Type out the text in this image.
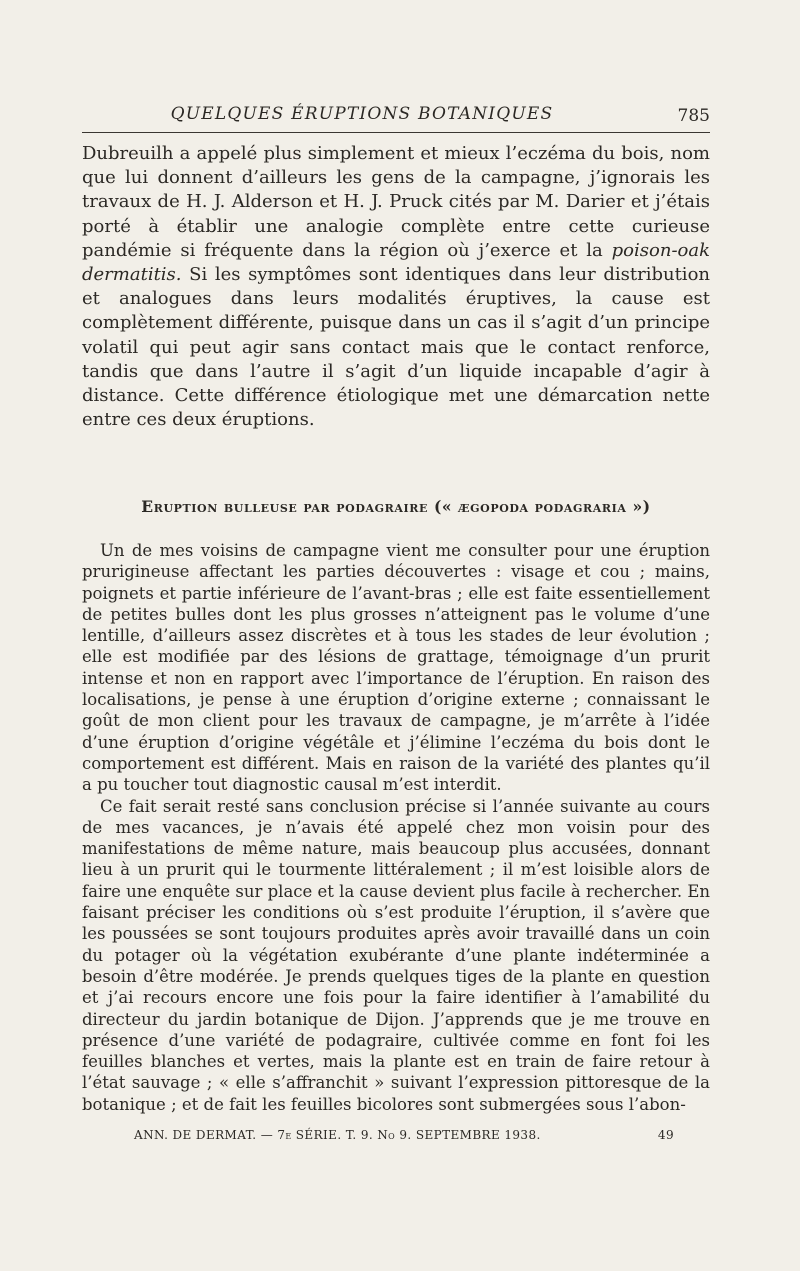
QUELQUES ÉRUPTIONS BOTANIQUES	785

Dubreuilh a appelé plus simplement et mieux l’eczéma du bois, nom que lui donnent d’ailleurs les gens de la campagne, j’ignorais les travaux de H. J. Alderson et H. J. Pruck cités par M. Darier et j’étais porté à établir une analogie complète entre cette curieuse pandémie si fréquente dans la région où j’exerce et la poison-oak dermatitis. Si les symptômes sont identiques dans leur distribution et analogues dans leurs modalités éruptives, la cause est complètement différente, puisque dans un cas il s’agit d’un principe volatil qui peut agir sans contact mais que le contact renforce, tandis que dans l’autre il s’agit d’un liquide incapable d’agir à distance. Cette différence étiologique met une démarcation nette entre ces deux éruptions.

Eruption bulleuse par podagraire (« ægopoda podagraria »)

Un de mes voisins de campagne vient me consulter pour une éruption prurigineuse affectant les parties découvertes : visage et cou ; mains, poignets et partie inférieure de l’avant-bras ; elle est faite essentiellement de petites bulles dont les plus grosses n’atteignent pas le volume d’une lentille, d’ailleurs assez discrètes et à tous les stades de leur évolution ; elle est modifiée par des lésions de grattage, témoignage d’un prurit intense et non en rapport avec l’importance de l’éruption. En raison des localisations, je pense à une éruption d’origine externe ; connaissant le goût de mon client pour les travaux de campagne, je m’arrête à l’idée d’une éruption d’origine végétâle et j’élimine l’eczéma du bois dont le comportement est différent. Mais en raison de la variété des plantes qu’il a pu toucher tout diagnostic causal m’est interdit.

Ce fait serait resté sans conclusion précise si l’année suivante au cours de mes vacances, je n’avais été appelé chez mon voisin pour des manifestations de même nature, mais beaucoup plus accusées, donnant lieu à un prurit qui le tourmente littéralement ; il m’est loisible alors de faire une enquête sur place et la cause devient plus facile à rechercher. En faisant préciser les conditions où s’est produite l’éruption, il s’avère que les poussées se sont toujours produites après avoir travaillé dans un coin du potager où la végétation exubérante d’une plante indéterminée a besoin d’être modérée. Je prends quelques tiges de la plante en question et j’ai recours encore une fois pour la faire identifier à l’amabilité du directeur du jardin botanique de Dijon. J’apprends que je me trouve en présence d’une variété de podagraire, cultivée comme en font foi les feuilles blanches et vertes, mais la plante est en train de faire retour à l’état sauvage ; « elle s’affranchit » suivant l’expression pittoresque de la botanique ; et de fait les feuilles bicolores sont submergées sous l’abon-

ANN. DE DERMAT. — 7e SÉRIE. T. 9. No 9. SEPTEMBRE 1938.	49
